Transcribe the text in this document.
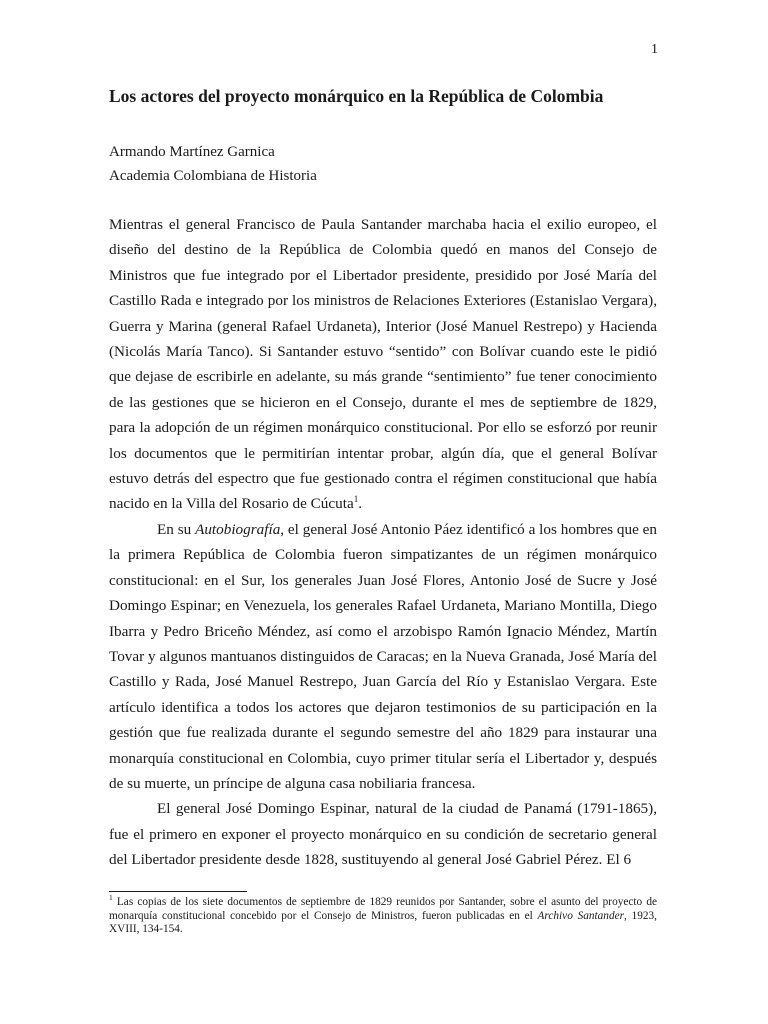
1
Los actores del proyecto monárquico en la República de Colombia
Armando Martínez Garnica
Academia Colombiana de Historia

Mientras el general Francisco de Paula Santander marchaba hacia el exilio europeo, el diseño del destino de la República de Colombia quedó en manos del Consejo de Ministros que fue integrado por el Libertador presidente, presidido por José María del Castillo Rada e integrado por los ministros de Relaciones Exteriores (Estanislao Vergara), Guerra y Marina (general Rafael Urdaneta), Interior (José Manuel Restrepo) y Hacienda (Nicolás María Tanco). Si Santander estuvo “sentido” con Bolívar cuando este le pidió que dejase de escribirle en adelante, su más grande “sentimiento” fue tener conocimiento de las gestiones que se hicieron en el Consejo, durante el mes de septiembre de 1829, para la adopción de un régimen monárquico constitucional. Por ello se esforzó por reunir los documentos que le permitirían intentar probar, algún día, que el general Bolívar estuvo detrás del espectro que fue gestionado contra el régimen constitucional que había nacido en la Villa del Rosario de Cúcuta$^1$.

En su Autobiografía, el general José Antonio Páez identificó a los hombres que en la primera República de Colombia fueron simpatizantes de un régimen monárquico constitucional: en el Sur, los generales Juan José Flores, Antonio José de Sucre y José Domingo Espinar; en Venezuela, los generales Rafael Urdaneta, Mariano Montilla, Diego Ibarra y Pedro Briceño Méndez, así como el arzobispo Ramón Ignacio Méndez, Martín Tovar y algunos mantuanos distinguidos de Caracas; en la Nueva Granada, José María del Castillo y Rada, José Manuel Restrepo, Juan García del Río y Estanislao Vergara. Este artículo identifica a todos los actores que dejaron testimonios de su participación en la gestión que fue realizada durante el segundo semestre del año 1829 para instaurar una monarquía constitucional en Colombia, cuyo primer titular sería el Libertador y, después de su muerte, un príncipe de alguna casa nobiliaria francesa.

El general José Domingo Espinar, natural de la ciudad de Panamá (1791-1865), fue el primero en exponer el proyecto monárquico en su condición de secretario general del Libertador presidente desde 1828, sustituyendo al general José Gabriel Pérez. El 6

$^1$ Las copias de los siete documentos de septiembre de 1829 reunidos por Santander, sobre el asunto del proyecto de monarquía constitucional concebido por el Consejo de Ministros, fueron publicadas en el Archivo Santander, 1923, XVIII, 134-154.
